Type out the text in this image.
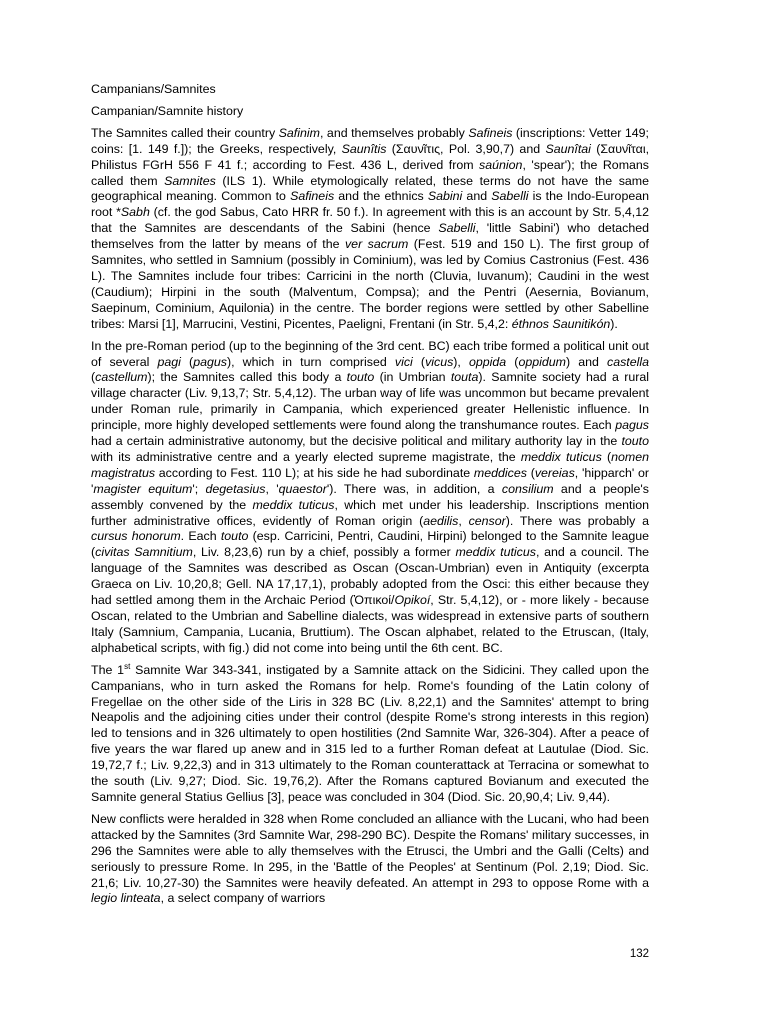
Campanians/Samnites

Campanian/Samnite history

The Samnites called their country Safinim, and themselves probably Safineis (inscriptions: Vetter 149; coins: [1. 149 f.]); the Greeks, respectively, Saunîtis (Σαυνῖτις, Pol. 3,90,7) and Saunîtai (Σαυνῖται, Philistus FGrH 556 F 41 f.; according to Fest. 436 L, derived from saúnion, 'spear'); the Romans called them Samnites (ILS 1). While etymologically related, these terms do not have the same geographical meaning. Common to Safineis and the ethnics Sabini and Sabelli is the Indo-European root *Sabh (cf. the god Sabus, Cato HRR fr. 50 f.). In agreement with this is an account by Str. 5,4,12 that the Samnites are descendants of the Sabini (hence Sabelli, 'little Sabini') who detached themselves from the latter by means of the ver sacrum (Fest. 519 and 150 L). The first group of Samnites, who settled in Samnium (possibly in Cominium), was led by Comius Castronius (Fest. 436 L). The Samnites include four tribes: Carricini in the north (Cluvia, Iuvanum); Caudini in the west (Caudium); Hirpini in the south (Malventum, Compsa); and the Pentri (Aesernia, Bovianum, Saepinum, Cominium, Aquilonia) in the centre. The border regions were settled by other Sabelline tribes: Marsi [1], Marrucini, Vestini, Picentes, Paeligni, Frentani (in Str. 5,4,2: éthnos Saunitikón).

In the pre-Roman period (up to the beginning of the 3rd cent. BC) each tribe formed a political unit out of several pagi (pagus), which in turn comprised vici (vicus), oppida (oppidum) and castella (castellum); the Samnites called this body a touto (in Umbrian touta). Samnite society had a rural village character (Liv. 9,13,7; Str. 5,4,12). The urban way of life was uncommon but became prevalent under Roman rule, primarily in Campania, which experienced greater Hellenistic influence. In principle, more highly developed settlements were found along the transhumance routes. Each pagus had a certain administrative autonomy, but the decisive political and military authority lay in the touto with its administrative centre and a yearly elected supreme magistrate, the meddix tuticus (nomen magistratus according to Fest. 110 L); at his side he had subordinate meddices (vereias, 'hipparch' or 'magister equitum'; degetasius, 'quaestor'). There was, in addition, a consilium and a people's assembly convened by the meddix tuticus, which met under his leadership. Inscriptions mention further administrative offices, evidently of Roman origin (aedilis, censor). There was probably a cursus honorum. Each touto (esp. Carricini, Pentri, Caudini, Hirpini) belonged to the Samnite league (civitas Samnitium, Liv. 8,23,6) run by a chief, possibly a former meddix tuticus, and a council. The language of the Samnites was described as Oscan (Oscan-Umbrian) even in Antiquity (excerpta Graeca on Liv. 10,20,8; Gell. NA 17,17,1), probably adopted from the Osci: this either because they had settled among them in the Archaic Period (Ὀπικοί/Opikoí, Str. 5,4,12), or - more likely - because Oscan, related to the Umbrian and Sabelline dialects, was widespread in extensive parts of southern Italy (Samnium, Campania, Lucania, Bruttium). The Oscan alphabet, related to the Etruscan, (Italy, alphabetical scripts, with fig.) did not come into being until the 6th cent. BC.

The 1st Samnite War 343-341, instigated by a Samnite attack on the Sidicini. They called upon the Campanians, who in turn asked the Romans for help. Rome's founding of the Latin colony of Fregellae on the other side of the Liris in 328 BC (Liv. 8,22,1) and the Samnites' attempt to bring Neapolis and the adjoining cities under their control (despite Rome's strong interests in this region) led to tensions and in 326 ultimately to open hostilities (2nd Samnite War, 326-304). After a peace of five years the war flared up anew and in 315 led to a further Roman defeat at Lautulae (Diod. Sic. 19,72,7 f.; Liv. 9,22,3) and in 313 ultimately to the Roman counterattack at Terracina or somewhat to the south (Liv. 9,27; Diod. Sic. 19,76,2). After the Romans captured Bovianum and executed the Samnite general Statius Gellius [3], peace was concluded in 304 (Diod. Sic. 20,90,4; Liv. 9,44).

New conflicts were heralded in 328 when Rome concluded an alliance with the Lucani, who had been attacked by the Samnites (3rd Samnite War, 298-290 BC). Despite the Romans' military successes, in 296 the Samnites were able to ally themselves with the Etrusci, the Umbri and the Galli (Celts) and seriously to pressure Rome. In 295, in the 'Battle of the Peoples' at Sentinum (Pol. 2,19; Diod. Sic. 21,6; Liv. 10,27-30) the Samnites were heavily defeated. An attempt in 293 to oppose Rome with a legio linteata, a select company of warriors

132
